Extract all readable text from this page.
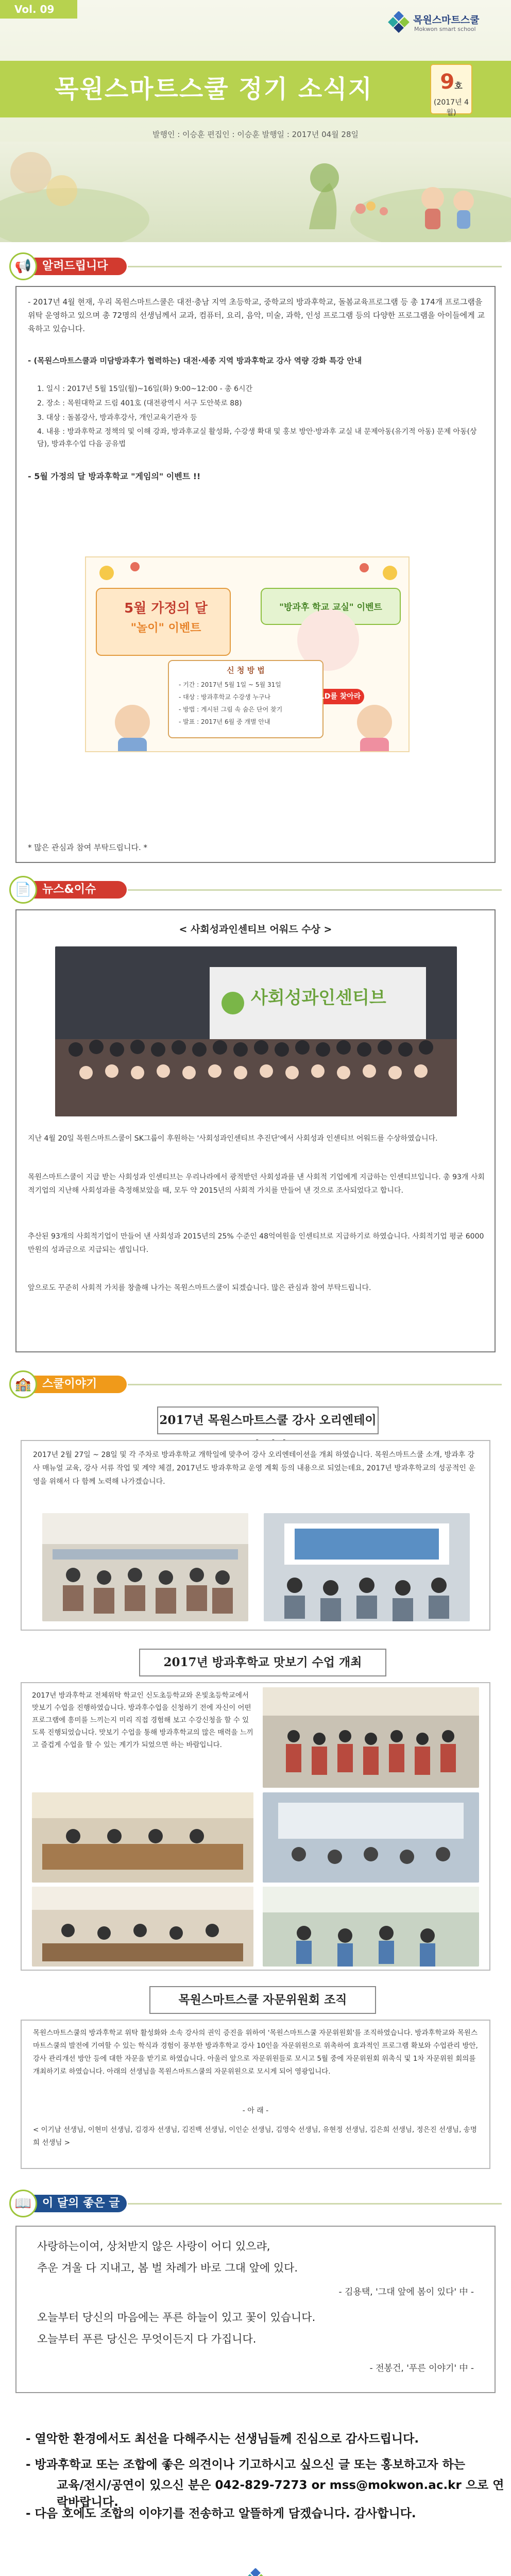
Vol. 09
목원스마트스쿨
Mokwon smart school
목원스마트스쿨 정기 소식지	9호
(2017년 4월)
발행인 : 이승훈 편집인 : 이승훈 발행일 : 2017년 04월 28일
알려드립니다
📢
- 2017년 4월 현재, 우리 목원스마트스쿨은 대전·충남 지역 초등학교, 중학교의 방과후학교, 돌봄교육프로그램 등 총 174개 프로그램을 위탁 운영하고 있으며 총 72명의 선생님께서 교과, 컴퓨터, 요리, 음악, 미술, 과학, 인성 프로그램 등의 다양한 프로그램을 아이들에게 교육하고 있습니다.
- (목원스마트스쿨과 미담방과후가 협력하는) 대전·세종 지역 방과후학교 강사 역량 강화 특강 안내
1. 일시 : 2017년 5월 15일(월)~16일(화) 9:00~12:00 - 총 6시간
2. 장소 : 목원대학교 드림 401호 (대전광역시 서구 도안북로 88)
3. 대상 : 돌봄강사, 방과후강사, 개인교육기관자 등
4. 내용 : 방과후학교 정책의 및 이해 강좌, 방과후교실 활성화, 수강생 확대 및 홍보 방안·방과후 교실 내 문제아동(유기적 아동) 문제 아동(상담), 방과후수업 다음 공유법
- 5월 가정의 달 방과후학교 "게임의" 이벤트 !!
* 많은 관심과 참여 부탁드립니다. *
5월 가정의 달
"놀이" 이벤트
"방과후 학교 교실" 이벤트
CHILD를 찾아라
신 청 방 법
- 기간 : 2017년 5월 1일 ~ 5월 31일
- 대상 : 방과후학교 수강생 누구나
- 방법 : 게시된 그림 속 숨은 단어 찾기
- 발표 : 2017년 6월 중 개별 안내
뉴스&이슈
📄
< 사회성과인센티브 어워드 수상 >
사회성과인센티브
지난 4월 20일 목원스마트스쿨이 SK그룹이 후원하는 '사회성과인센티브 추진단'에서 사회성과 인센티브 어워드를 수상하였습니다.
목원스마트스쿨이 지급 받는 사회성과 인센티브는 우리나라에서 광적받던 사회성과를 낸 사회적 기업에게 지급하는 인센티브입니다. 총 93개 사회적기업의 지난해 사회성과를 측정해보았을 때, 모두 약 2015년의 사회적 가치를 만들어 낸 것으로 조사되었다고 합니다.
추산된 93개의 사회적기업이 만들어 낸 사회성과 2015년의 25% 수준인 48억여원을 인센티브로 지급하기로 하였습니다. 사회적기업 평균 6000만원의 성과금으로 지급되는 셈입니다.
앞으로도 꾸준히 사회적 가치를 창출해 나가는 목원스마트스쿨이 되겠습니다. 많은 관심과 참여 부탁드립니다.
스쿨이야기
🏫
2017년 목원스마트스쿨 강사 오리엔테이
2017년 2월 27일 ~ 28일 및 각 주차로 방과후학교 개학일에 맞추어 강사 오리엔테이션을 개최 하였습니다. 목원스마트스쿨 소개, 방과후 강사 매뉴얼 교육, 강사 서류 작업 및 계약 체결, 2017년도 방과후학교 운영 계획 등의 내용으로 되었는데요, 2017년 방과후학교의 성공적인 운영을 위해서 다 함께 노력해 나가겠습니다.
2017년 방과후학교 맛보기 수업 개최
2017년 방과후학교 전체위탁 학교인 신도초등학교와 온빛초등학교에서 맛보기 수업을 진행하였습니다. 방과후수업을 신청하기 전에 자신이 어떤 프로그램에 흥미를 느끼는지 미리 직접 경험해 보고 수강신청을 할 수 있도록 진행되었습니다. 맛보기 수업을 통해 방과후학교의 많은 매력을 느끼고 즐겁게 수업을 할 수 있는 계기가 되었으면 하는 바람입니다.
목원스마트스쿨 자문위원회 조직
목원스마트스쿨의 방과후학교 위탁 활성화와 소속 강사의 권익 증진을 위하여 '목원스마트스쿨 자문위원회'를 조직하였습니다. 방과후학교와 목원스마트스쿨의 발전에 기여할 수 있는 학식과 경험이 풍부한 방과후학교 강사 10인을 자문위원으로 위촉하여 효과적인 프로그램 확보와 수업관리 방안, 강사 관리개선 방안 등에 대한 자문을 받기로 하였습니다. 아울러 앞으로 자문위원들로 모시고 5월 중에 자문위원회 위촉식 및 1차 자문위원 회의를 개최하기로 하였습니다. 아래의 선생님을 목원스마트스쿨의 자문위원으로 모시게 되어 영광입니다.
- 아 래 -
< 이기남 선생님, 이현미 선생님, 김경자 선생님, 김진백 선생님, 이인순 선생님, 김영숙 선생님, 유현정 선생님, 김은희 선생님, 정은진 선생님, 송명희 선생님 >
이 달의 좋은 글
📖
사랑하는이여, 상처받지 않은 사랑이 어디 있으랴,
추운 겨울 다 지내고, 봄 벌 차례가 바로 그대 앞에 있다.
- 김용택, '그대 앞에 봄이 있다' 中 -
오늘부터 당신의 마음에는 푸른 하늘이 있고 꽃이 있습니다.
오늘부터 푸른 당신은 무엇이든지 다 가집니다.
- 전봉건, '푸른 이야기' 中 -
- 열악한 환경에서도 최선을 다해주시는 선생님들께 진심으로 감사드립니다.
- 방과후학교 또는 조합에 좋은 의견이나 기고하시고 싶으신 글 또는 홍보하고자 하는
교육/전시/공연이 있으신 분은 042-829-7273 or mss@mokwon.ac.kr 으로 연락바랍니다.
- 다음 호에도 조합의 이야기를 전송하고 알뜰하게 담겠습니다. 감사합니다.
